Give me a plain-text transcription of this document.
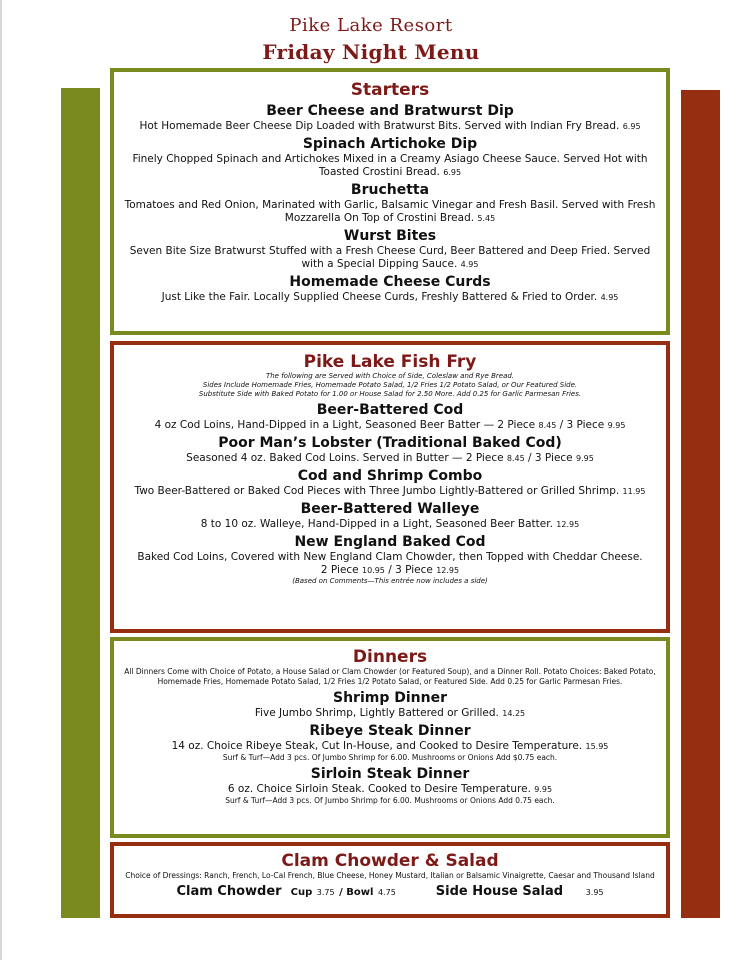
Pike Lake Resort
Friday Night Menu
Starters
Beer Cheese and Bratwurst Dip
Hot Homemade Beer Cheese Dip Loaded with Bratwurst Bits. Served with Indian Fry Bread. 6.95
Spinach Artichoke Dip
Finely Chopped Spinach and Artichokes Mixed in a Creamy Asiago Cheese Sauce. Served Hot with Toasted Crostini Bread. 6.95
Bruchetta
Tomatoes and Red Onion, Marinated with Garlic, Balsamic Vinegar and Fresh Basil. Served with Fresh Mozzarella On Top of Crostini Bread. 5.45
Wurst Bites
Seven Bite Size Bratwurst Stuffed with a Fresh Cheese Curd, Beer Battered and Deep Fried. Served with a Special Dipping Sauce. 4.95
Homemade Cheese Curds
Just Like the Fair. Locally Supplied Cheese Curds, Freshly Battered & Fried to Order. 4.95
Pike Lake Fish Fry
The following are Served with Choice of Side, Coleslaw and Rye Bread.
Sides Include Homemade Fries, Homemade Potato Salad, 1/2 Fries 1/2 Potato Salad, or Our Featured Side.
Substitute Side with Baked Potato for 1.00 or House Salad for 2.50 More. Add 0.25 for Garlic Parmesan Fries.
Beer-Battered Cod
4 oz Cod Loins, Hand-Dipped in a Light, Seasoned Beer Batter — 2 Piece 8.45 / 3 Piece 9.95
Poor Man’s Lobster (Traditional Baked Cod)
Seasoned 4 oz. Baked Cod Loins. Served in Butter — 2 Piece 8.45 / 3 Piece 9.95
Cod and Shrimp Combo
Two Beer-Battered or Baked Cod Pieces with Three Jumbo Lightly-Battered or Grilled Shrimp. 11.95
Beer-Battered Walleye
8 to 10 oz. Walleye, Hand-Dipped in a Light, Seasoned Beer Batter. 12.95
New England Baked Cod
Baked Cod Loins, Covered with New England Clam Chowder, then Topped with Cheddar Cheese.
2 Piece 10.95 / 3 Piece 12.95
(Based on Comments—This entrée now includes a side)
Dinners
All Dinners Come with Choice of Potato, a House Salad or Clam Chowder (or Featured Soup), and a Dinner Roll. Potato Choices: Baked Potato, Homemade Fries, Homemade Potato Salad, 1/2 Fries 1/2 Potato Salad, or Featured Side. Add 0.25 for Garlic Parmesan Fries.
Shrimp Dinner
Five Jumbo Shrimp, Lightly Battered or Grilled. 14.25
Ribeye Steak Dinner
14 oz. Choice Ribeye Steak, Cut In-House, and Cooked to Desire Temperature. 15.95
Surf & Turf—Add 3 pcs. Of Jumbo Shrimp for 6.00. Mushrooms or Onions Add $0.75 each.
Sirloin Steak Dinner
6 oz. Choice Sirloin Steak. Cooked to Desire Temperature. 9.95
Surf & Turf—Add 3 pcs. Of Jumbo Shrimp for 6.00. Mushrooms or Onions Add 0.75 each.
Clam Chowder & Salad
Choice of Dressings: Ranch, French, Lo-Cal French, Blue Cheese, Honey Mustard, Italian or Balsamic Vinaigrette, Caesar and Thousand Island
Clam Chowder
Cup
3.75
/ Bowl
4.75	Side House Salad
	3.95
